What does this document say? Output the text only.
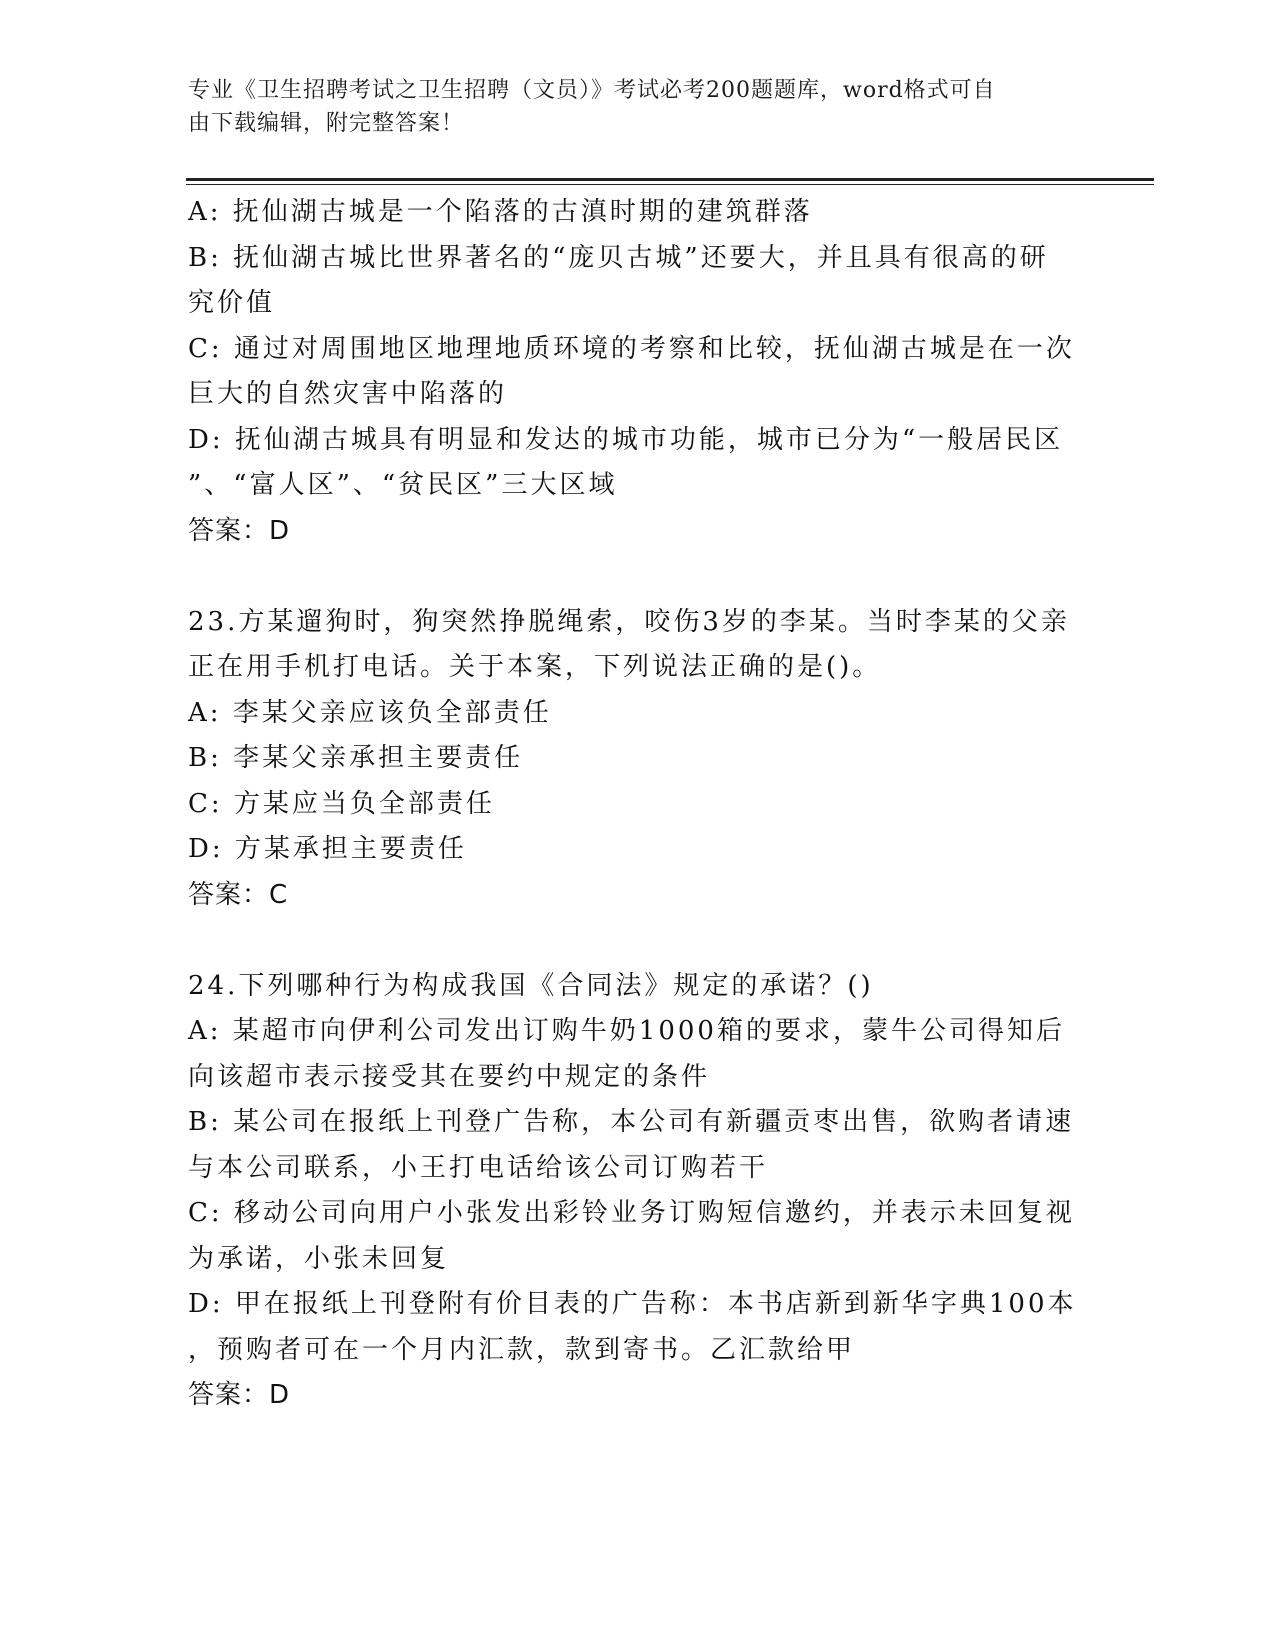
专业《卫生招聘考试之卫生招聘（文员）》考试必考200题题库，word格式可自
由下载编辑，附完整答案！
A: 抚仙湖古城是一个陷落的古滇时期的建筑群落
B: 抚仙湖古城比世界著名的“庞贝古城”还要大，并且具有很高的研
究价值
C: 通过对周围地区地理地质环境的考察和比较，抚仙湖古城是在一次
巨大的自然灾害中陷落的
D: 抚仙湖古城具有明显和发达的城市功能，城市已分为“一般居民区
”、“富人区”、“贫民区”三大区域
答案：D
23.方某遛狗时，狗突然挣脱绳索，咬伤3岁的李某。当时李某的父亲
正在用手机打电话。关于本案，下列说法正确的是()。
A: 李某父亲应该负全部责任
B: 李某父亲承担主要责任
C: 方某应当负全部责任
D: 方某承担主要责任
答案：C
24.下列哪种行为构成我国《合同法》规定的承诺？()
A: 某超市向伊利公司发出订购牛奶1000箱的要求，蒙牛公司得知后
向该超市表示接受其在要约中规定的条件
B: 某公司在报纸上刊登广告称，本公司有新疆贡枣出售，欲购者请速
与本公司联系，小王打电话给该公司订购若干
C: 移动公司向用户小张发出彩铃业务订购短信邀约，并表示未回复视
为承诺，小张未回复
D: 甲在报纸上刊登附有价目表的广告称：本书店新到新华字典100本
，预购者可在一个月内汇款，款到寄书。乙汇款给甲
答案：D
